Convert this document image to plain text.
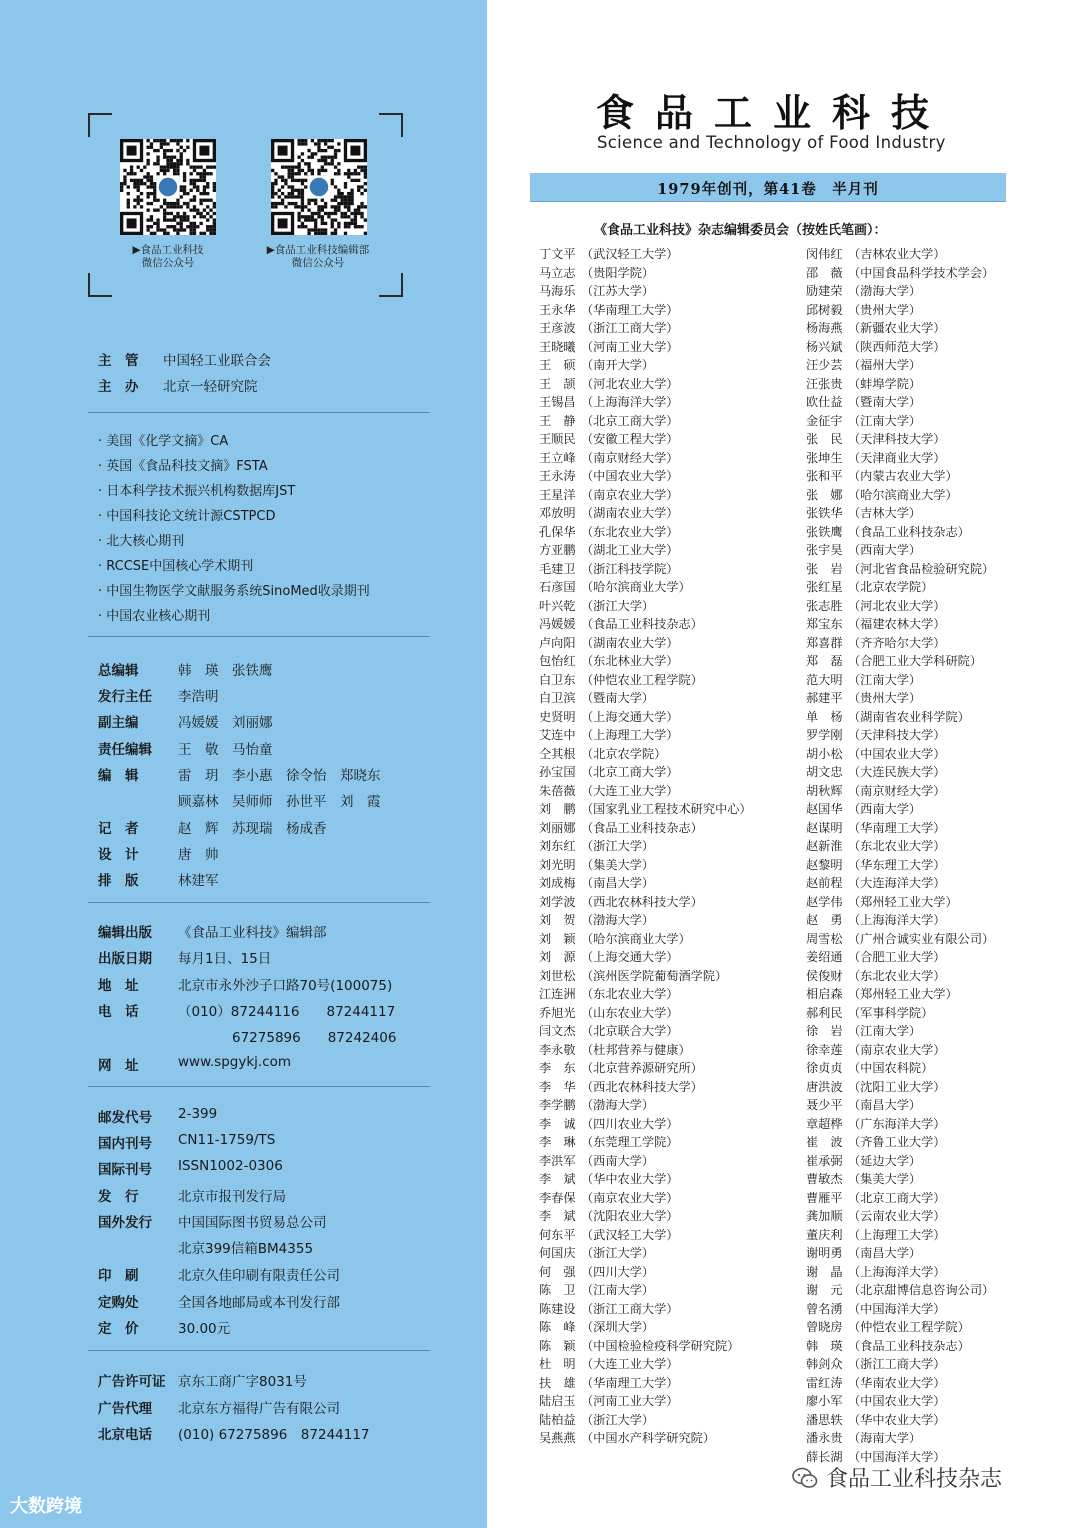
▶食品工业科技
微信公众号
▶食品工业科技编辑部
微信公众号
主　管 中国轻工业联合会
主　办 北京一轻研究院
· 美国《化学文摘》CA
· 英国《食品科技文摘》FSTA
· 日本科学技术振兴机构数据库JST
· 中国科技论文统计源CSTPCD
· 北大核心期刊
· RCCSE中国核心学术期刊
· 中国生物医学文献服务系统SinoMed收录期刊
· 中国农业核心期刊
总编辑	韩　瑛　张铁鹰
发行主任 李浩明
副主编	冯媛媛　刘丽娜
责任编辑 王　敬　马怡童
编　辑	雷　玥　李小惠　徐令怡　郑晓东
顾嘉林　吴师师　孙世平　刘　霞
记　者	赵　辉　苏现瑞　杨成香
设　计	唐　帅
排　版	林建军
编辑出版 《食品工业科技》编辑部
出版日期 每月1日、15日
地　址	北京市永外沙子口路70号(100075)
电　话	（010）87244116　　87244117
　　　　67275896　　87242406
网　址	www.spgykj.com
邮发代号 2-399
国内刊号 CN11-1759/TS
国际刊号 ISSN1002-0306
发　行	北京市报刊发行局
国外发行 中国国际图书贸易总公司
北京399信箱BM4355
印　刷	北京久佳印刷有限责任公司
定购处	全国各地邮局或本刊发行部
定　价	30.00元
广告许可证 京东工商广字8031号
广告代理 北京东方福得广告有限公司
北京电话 (010) 67275896　87244117
大数跨境
食品工业科技
Science and Technology of Food Industry
1979年创刊，第41卷　半月刊
《食品工业科技》杂志编辑委员会（按姓氏笔画）：
丁文平 （武汉轻工大学）
马立志 （贵阳学院）
马海乐 （江苏大学）
王永华 （华南理工大学）
王彦波 （浙江工商大学）
王晓曦 （河南工业大学）
王　硕 （南开大学）
王　颉 （河北农业大学）
王锡昌 （上海海洋大学）
王　静 （北京工商大学）
王顺民 （安徽工程大学）
王立峰 （南京财经大学）
王永涛 （中国农业大学）
王星洋 （南京农业大学）
邓放明 （湖南农业大学）
孔保华 （东北农业大学）
方亚鹏 （湖北工业大学）
毛建卫 （浙江科技学院）
石彦国 （哈尔滨商业大学）
叶兴乾 （浙江大学）
冯媛媛 （食品工业科技杂志）
卢向阳 （湖南农业大学）
包怡红 （东北林业大学）
白卫东 （仲恺农业工程学院）
白卫滨 （暨南大学）
史贤明 （上海交通大学）
艾连中 （上海理工大学）
仝其根 （北京农学院）
孙宝国 （北京工商大学）
朱蓓薇 （大连工业大学）
刘　鹏 （国家乳业工程技术研究中心）
刘丽娜 （食品工业科技杂志）
刘东红 （浙江大学）
刘光明 （集美大学）
刘成梅 （南昌大学）
刘学波 （西北农林科技大学）
刘　贺 （渤海大学）
刘　颖 （哈尔滨商业大学）
刘　源 （上海交通大学）
刘世松 （滨州医学院葡萄酒学院）
江连洲 （东北农业大学）
乔旭光 （山东农业大学）
闫文杰 （北京联合大学）
李永敬 （杜邦营养与健康）
李　东 （北京营养源研究所）
李　华 （西北农林科技大学）
李学鹏 （渤海大学）
李　诚 （四川农业大学）
李　琳 （东莞理工学院）
李洪军 （西南大学）
李　斌 （华中农业大学）
李春保 （南京农业大学）
李　斌 （沈阳农业大学）
何东平 （武汉轻工大学）
何国庆 （浙江大学）
何　强 （四川大学）
陈　卫 （江南大学）
陈建设 （浙江工商大学）
陈　峰 （深圳大学）
陈　颖 （中国检验检疫科学研究院）
杜　明 （大连工业大学）
扶　雄 （华南理工大学）
陆启玉 （河南工业大学）
陆柏益 （浙江大学）
吴燕燕 （中国水产科学研究院）
闵伟红 （吉林农业大学）
邵　薇 （中国食品科学技术学会）
励建荣 （渤海大学）
邱树毅 （贵州大学）
杨海燕 （新疆农业大学）
杨兴斌 （陕西师范大学）
汪少芸 （福州大学）
汪张贵 （蚌埠学院）
欧仕益 （暨南大学）
金征宇 （江南大学）
张　民 （天津科技大学）
张坤生 （天津商业大学）
张和平 （内蒙古农业大学）
张　娜 （哈尔滨商业大学）
张铁华 （吉林大学）
张铁鹰 （食品工业科技杂志）
张宇昊 （西南大学）
张　岩 （河北省食品检验研究院）
张红星 （北京农学院）
张志胜 （河北农业大学）
郑宝东 （福建农林大学）
郑喜群 （齐齐哈尔大学）
郑　磊 （合肥工业大学科研院）
范大明 （江南大学）
郝建平 （贵州大学）
单　杨 （湖南省农业科学院）
罗学刚 （天津科技大学）
胡小松 （中国农业大学）
胡文忠 （大连民族大学）
胡秋辉 （南京财经大学）
赵国华 （西南大学）
赵谋明 （华南理工大学）
赵新淮 （东北农业大学）
赵黎明 （华东理工大学）
赵前程 （大连海洋大学）
赵学伟 （郑州轻工业大学）
赵　勇 （上海海洋大学）
周雪松 （广州合诚实业有限公司）
姜绍通 （合肥工业大学）
侯俊财 （东北农业大学）
相启森 （郑州轻工业大学）
郝利民 （军事科学院）
徐　岩 （江南大学）
徐幸莲 （南京农业大学）
徐贞贞 （中国农科院）
唐洪波 （沈阳工业大学）
聂少平 （南昌大学）
章超桦 （广东海洋大学）
崔　波 （齐鲁工业大学）
崔承弼 （延边大学）
曹敏杰 （集美大学）
曹雁平 （北京工商大学）
龚加顺 （云南农业大学）
董庆利 （上海理工大学）
谢明勇 （南昌大学）
谢　晶 （上海海洋大学）
谢　元 （北京甜博信息咨询公司）
曾名湧 （中国海洋大学）
曾晓房 （仲恺农业工程学院）
韩　瑛 （食品工业科技杂志）
韩剑众 （浙江工商大学）
雷红涛 （华南农业大学）
廖小军 （中国农业大学）
潘思轶 （华中农业大学）
潘永贵 （海南大学）
薛长湖 （中国海洋大学）
食品工业科技杂志
